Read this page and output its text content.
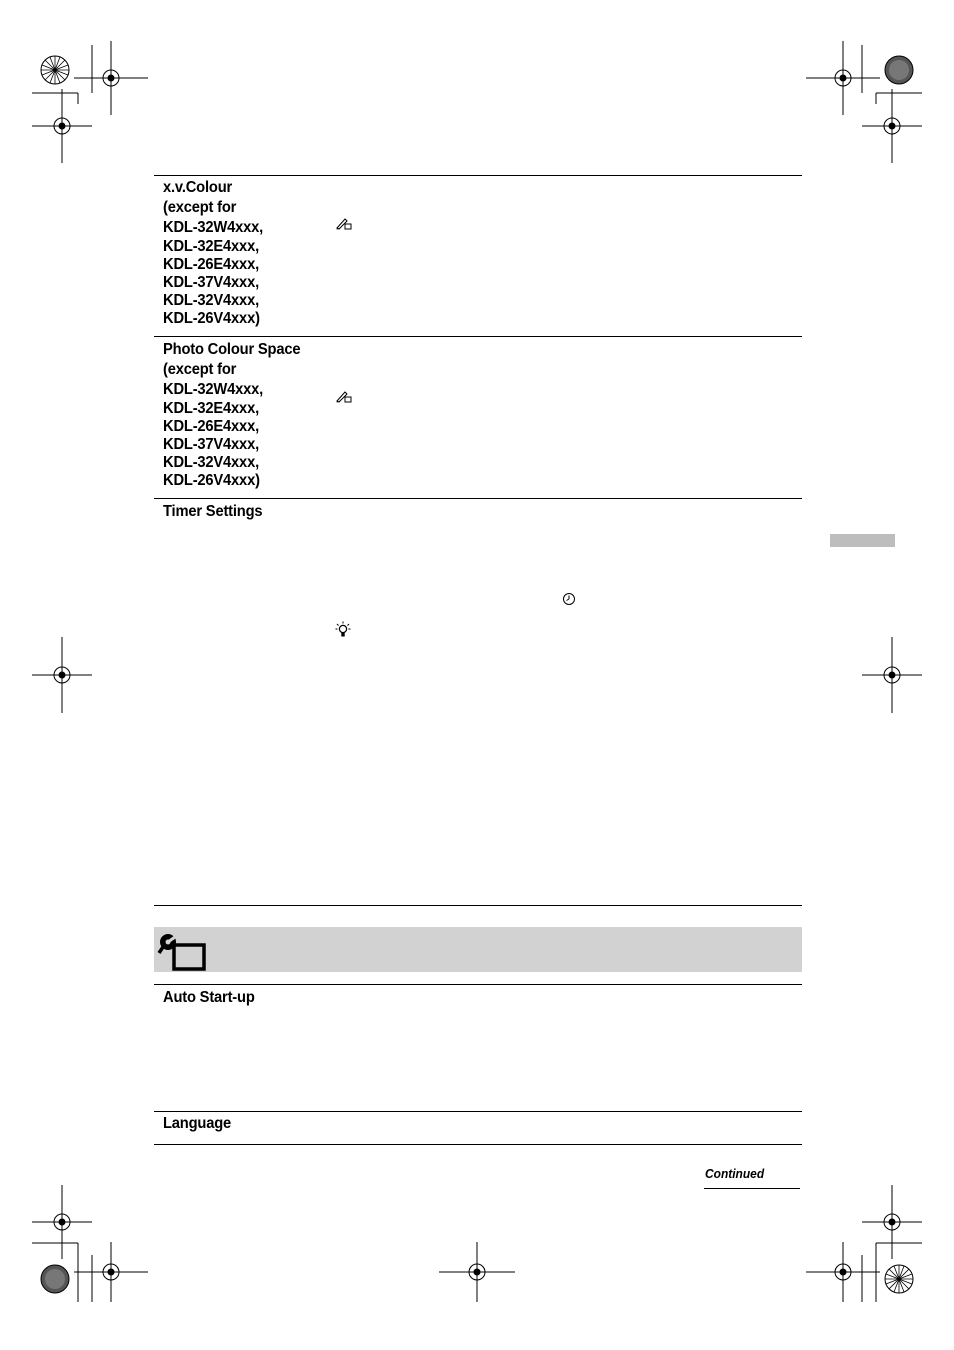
x.v.Colour
(except for
KDL-32W4xxx,
KDL-32E4xxx,
KDL-26E4xxx,
KDL-37V4xxx,
KDL-32V4xxx,
KDL-26V4xxx)
Photo Colour Space
(except for
KDL-32W4xxx,
KDL-32E4xxx,
KDL-26E4xxx,
KDL-37V4xxx,
KDL-32V4xxx,
KDL-26V4xxx)
Timer Settings
Auto Start-up
Language
Continued
